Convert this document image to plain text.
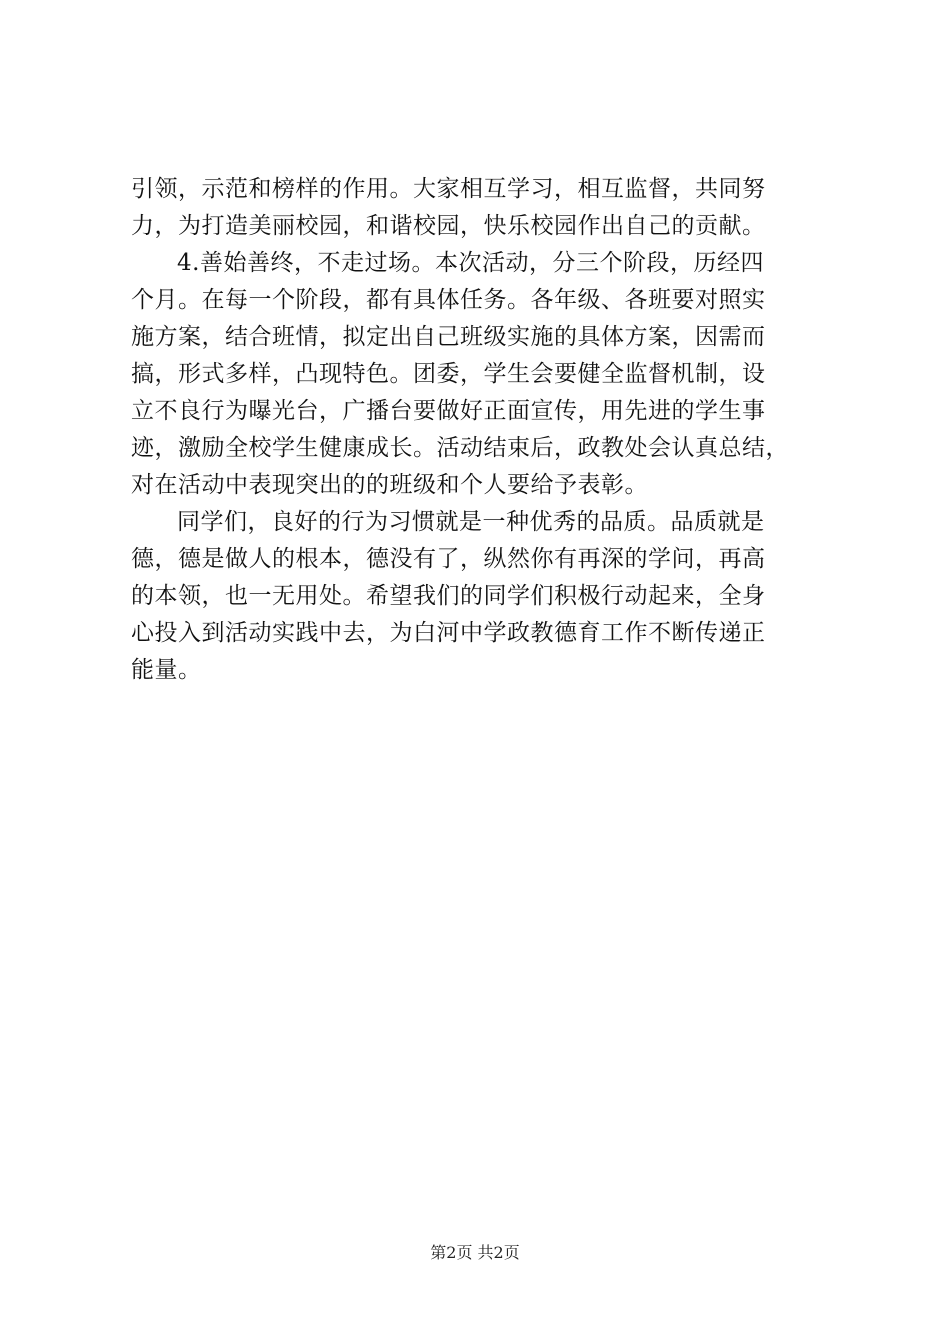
引领，示范和榜样的作用。大家相互学习，相互监督，共同努
力，为打造美丽校园，和谐校园，快乐校园作出自己的贡献。
4.善始善终，不走过场。本次活动，分三个阶段，历经四
个月。在每一个阶段，都有具体任务。各年级、各班要对照实
施方案，结合班情，拟定出自己班级实施的具体方案，因需而
搞，形式多样，凸现特色。团委，学生会要健全监督机制，设
立不良行为曝光台，广播台要做好正面宣传，用先进的学生事
迹，激励全校学生健康成长。活动结束后，政教处会认真总结，
对在活动中表现突出的的班级和个人要给予表彰。
同学们，良好的行为习惯就是一种优秀的品质。品质就是
德，德是做人的根本，德没有了，纵然你有再深的学问，再高
的本领，也一无用处。希望我们的同学们积极行动起来，全身
心投入到活动实践中去，为白河中学政教德育工作不断传递正
能量。
第2页 共2页
